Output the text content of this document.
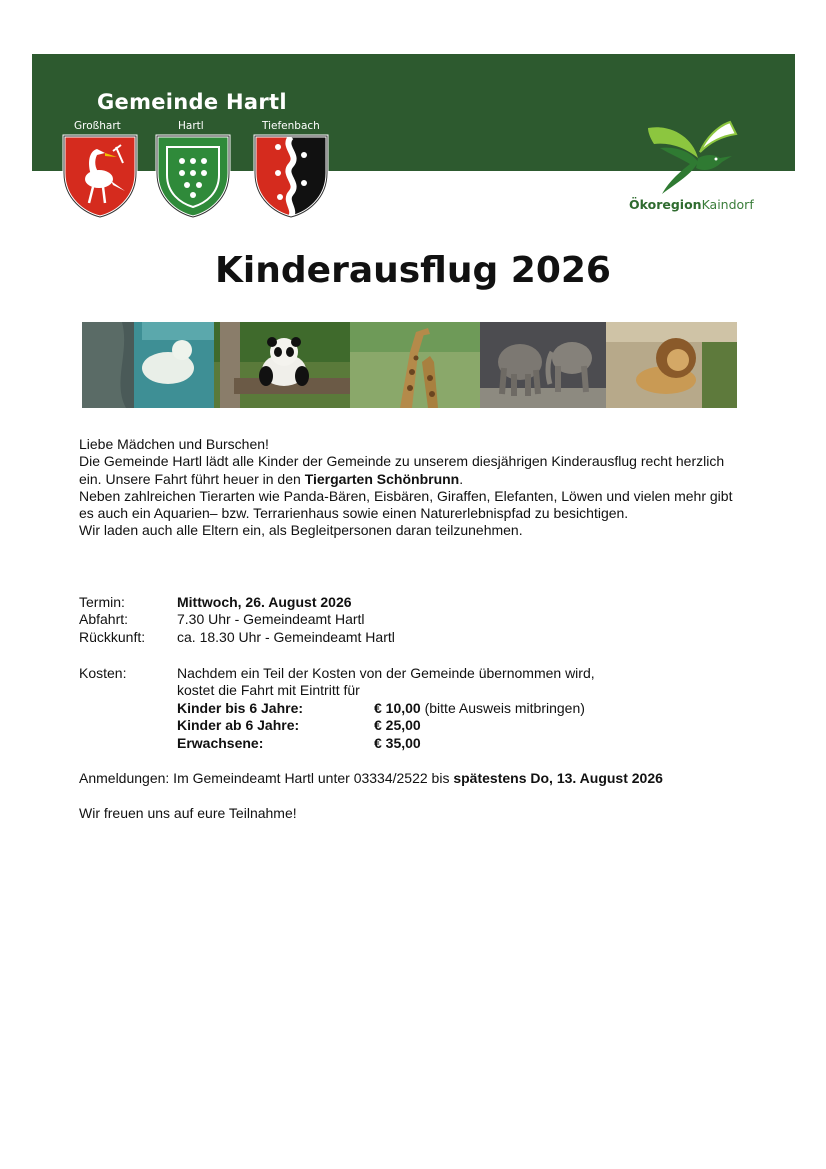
Gemeinde Hartl
Großhart	Hartl	Tiefenbach
ÖkoregionKaindorf
Kinderausflug 2026
Liebe Mädchen und Burschen!
Die Gemeinde Hartl lädt alle Kinder der Gemeinde zu unserem diesjährigen Kinderausflug recht herzlich ein. Unsere Fahrt führt heuer in den Tiergarten Schönbrunn.
Neben zahlreichen Tierarten wie Panda-Bären, Eisbären, Giraffen, Elefanten, Löwen und vielen mehr gibt es auch ein Aquarien– bzw. Terrarienhaus sowie einen Naturerlebnispfad zu besichtigen.
Wir laden auch alle Eltern ein, als Begleitpersonen daran teilzunehmen.
Termin:	Mittwoch, 26. August 2026
Abfahrt:	7.30 Uhr - Gemeindeamt Hartl
Rückkunft: ca. 18.30 Uhr - Gemeindeamt Hartl
Kosten:	Nachdem ein Teil der Kosten von der Gemeinde übernommen wird,
kostet die Fahrt mit Eintritt für
Kinder bis 6 Jahre:	€ 10,00 (bitte Ausweis mitbringen)
Kinder ab 6 Jahre:	€ 25,00
Erwachsene:	€ 35,00
Anmeldungen: Im Gemeindeamt Hartl unter 03334/2522 bis spätestens Do, 13. August 2026
Wir freuen uns auf eure Teilnahme!
